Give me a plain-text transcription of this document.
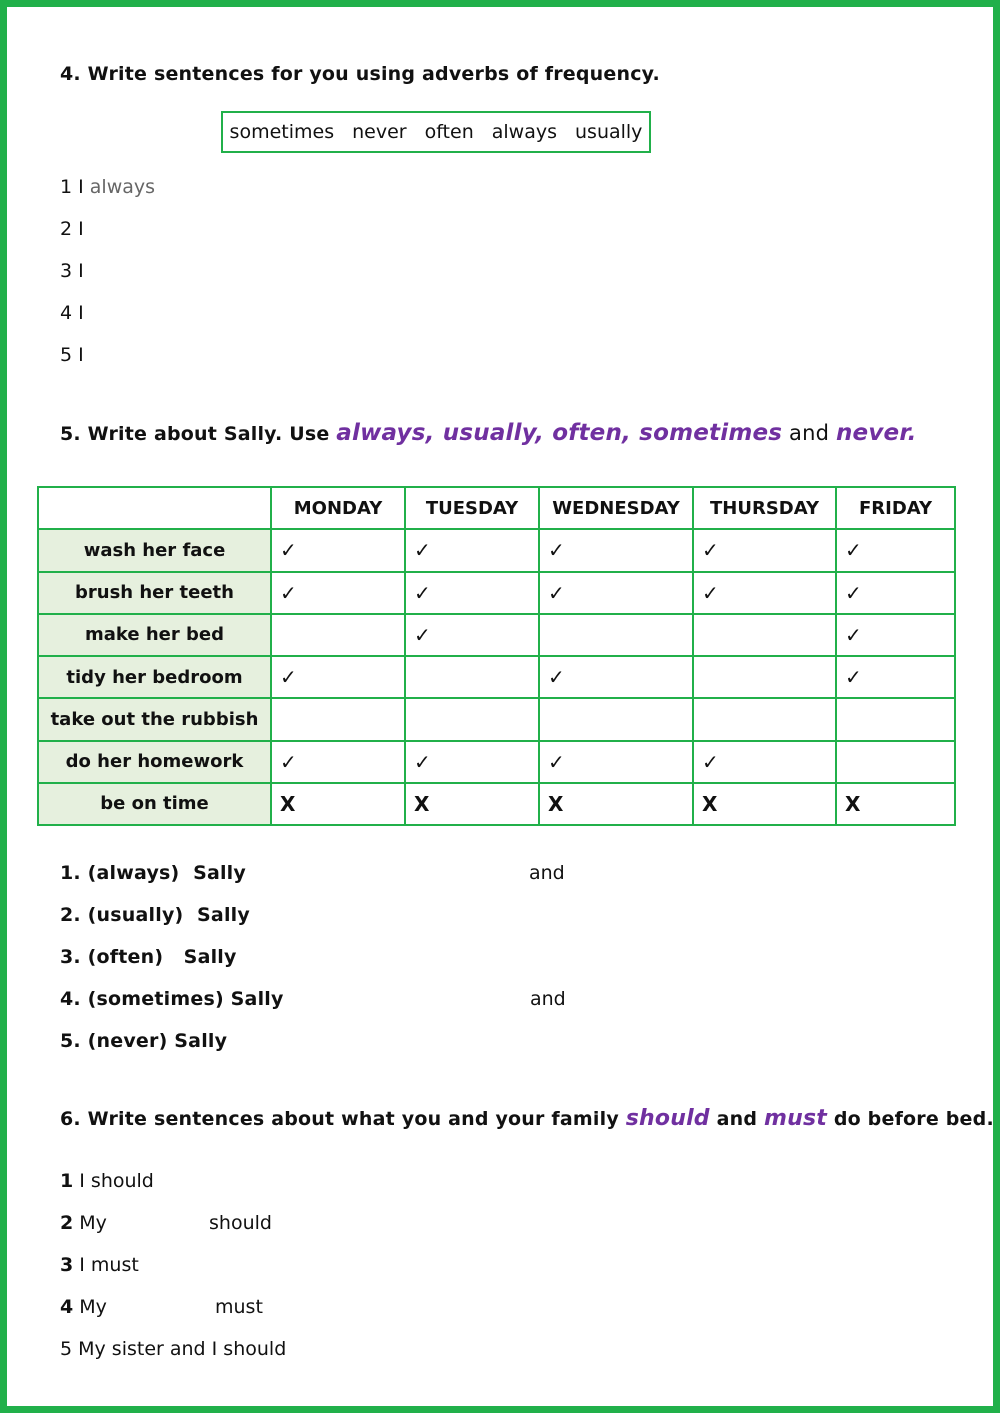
4. Write sentences for you using adverbs of frequency.
sometimes never often always usually
1 I always
2 I
3 I
4 I
5 I
5. Write about Sally. Use always, usually, often, sometimes and never.
	MONDAY	TUESDAY	WEDNESDAY	THURSDAY	FRIDAY
wash her face	✓	✓	✓	✓	✓
brush her teeth	✓	✓	✓	✓	✓
make her bed		✓			✓
tidy her bedroom	✓		✓		✓
take out the rubbish					
do her homework	✓	✓	✓	✓	
be on time	X	X	X	X	X
1. (always)  Sally	and
2. (usually)  Sally
3. (often)   Sally
4. (sometimes) Sally	and
5. (never) Sally
6. Write sentences about what you and your family should and must do before bed.
1 I should
2 My	should
3 I must
4 My	must
5 My sister and I should
